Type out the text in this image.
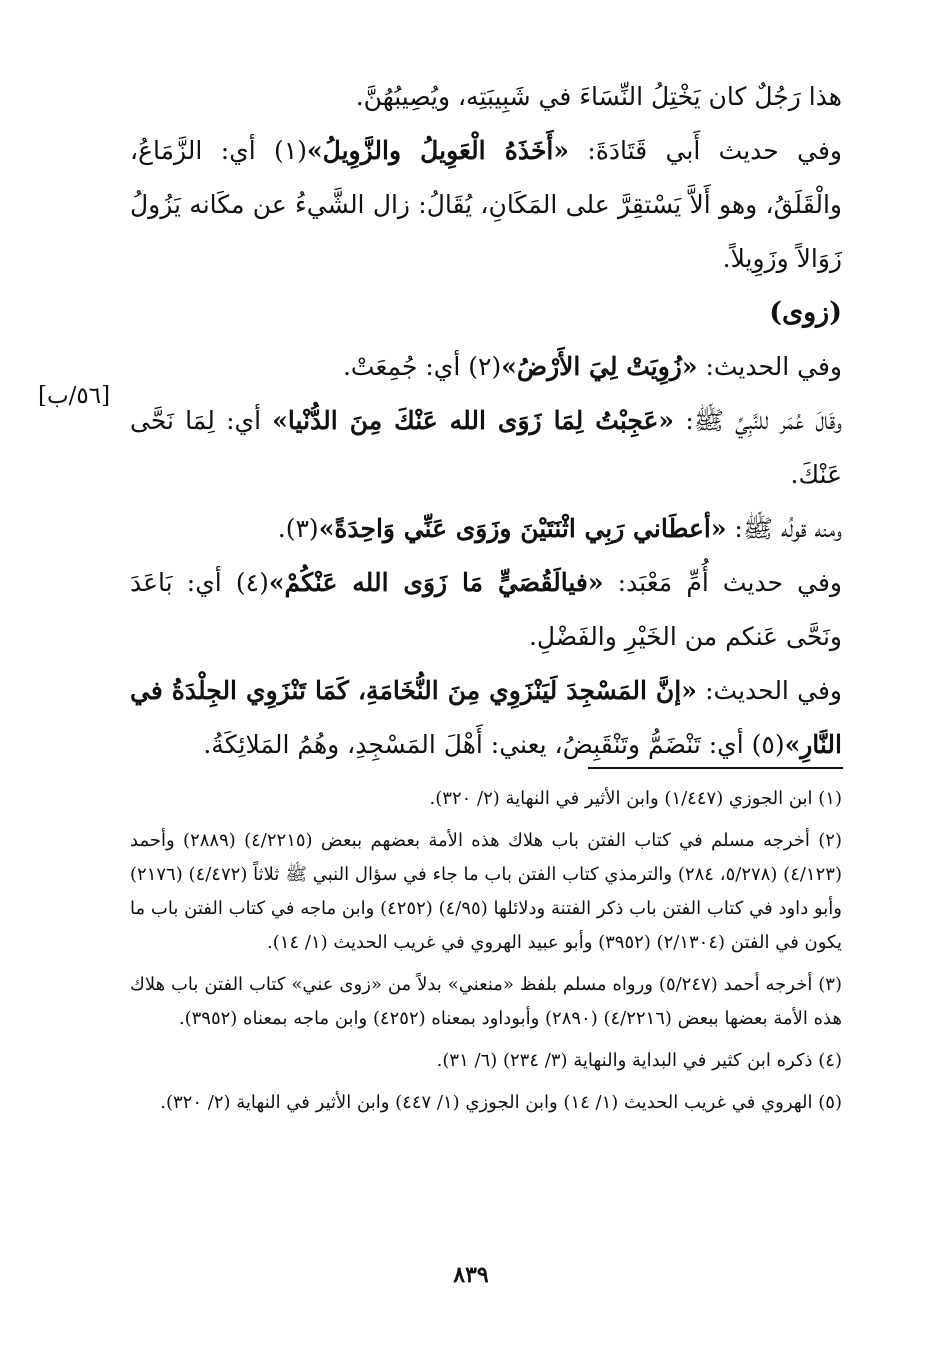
هذا رَجُلٌ كان يَخْتِلُ النِّسَاءَ في شَبِيبَتِه، ويُصِيبُهُنَّ.

وفي حديث أَبي قَتَادَةَ: «أَخَذَهُ الْعَوِيلُ والزَّوِيلُ»(١) أي: الزَّمَاعُ، والْقَلَقُ، وهو أَلاَّ يَسْتقِرَّ على المَكَانِ، يُقَالُ: زال الشَّيءُ عن مكَانه يَزُولُ زَوَالاً وزَوِيلاً.

(زوى)

وفي الحديث: «زُوِيَتْ لِيَ الأَرْضُ»(٢) أي: جُمِعَتْ.

وقَالَ عُمَر للنَّبِيِّ ﷺ: «عَجِبْتُ لِمَا زَوَى الله عَنْكَ مِنَ الدُّنْيا» أي: لِمَا نَحَّى عَنْكَ.

ومنه قولُه ﷺ: «أعطَاني رَبِي اثْنَتَيْنَ وزَوَى عَنِّي وَاحِدَةً»(٣).

وفي حديث أُمِّ مَعْبَد: «فيالَقُصَيٍّ مَا زَوَى الله عَنْكُمْ»(٤) أي: بَاعَدَ ونَحَّى عَنكم من الخَيْرِ والفَضْلِ.

وفي الحديث: «إنَّ المَسْجِدَ لَيَنْزَوِي مِنَ النُّخَامَةِ، كَمَا تَنْزَوِي الجِلْدَةُ في النَّارِ»(٥) أي: تَنْضَمُّ وتَنْقَبِضُ، يعني: أَهْلَ المَسْجِدِ، وهُمُ المَلائِكَةُ.

[٥٦/ب]

(١) ابن الجوزي (١/٤٤٧) وابن الأثير في النهاية (٢/ ٣٢٠).

(٢) أخرجه مسلم في كتاب الفتن باب هلاك هذه الأمة بعضهم ببعض (٤/٢٢١٥) (٢٨٨٩) وأحمد (٤/١٢٣) (٥/٢٧٨، ٢٨٤) والترمذي كتاب الفتن باب ما جاء في سؤال النبي ﷺ ثلاثاً (٤/٤٧٢) (٢١٧٦) وأبو داود في كتاب الفتن باب ذكر الفتنة ودلائلها (٤/٩٥) (٤٢٥٢) وابن ماجه في كتاب الفتن باب ما يكون في الفتن (٢/١٣٠٤) (٣٩٥٢) وأبو عبيد الهروي في غريب الحديث (١/ ١٤).

(٣) أخرجه أحمد (٥/٢٤٧) ورواه مسلم بلفظ «منعني» بدلاً من «زوى عني» كتاب الفتن باب هلاك هذه الأمة بعضها ببعض (٤/٢٢١٦) (٢٨٩٠) وأبوداود بمعناه (٤٢٥٢) وابن ماجه بمعناه (٣٩٥٢).

(٤) ذكره ابن كثير في البداية والنهاية (٣/ ٢٣٤) (٦/ ٣١).

(٥) الهروي في غريب الحديث (١/ ١٤) وابن الجوزي (١/ ٤٤٧) وابن الأثير في النهاية (٢/ ٣٢٠).

٨٣٩
